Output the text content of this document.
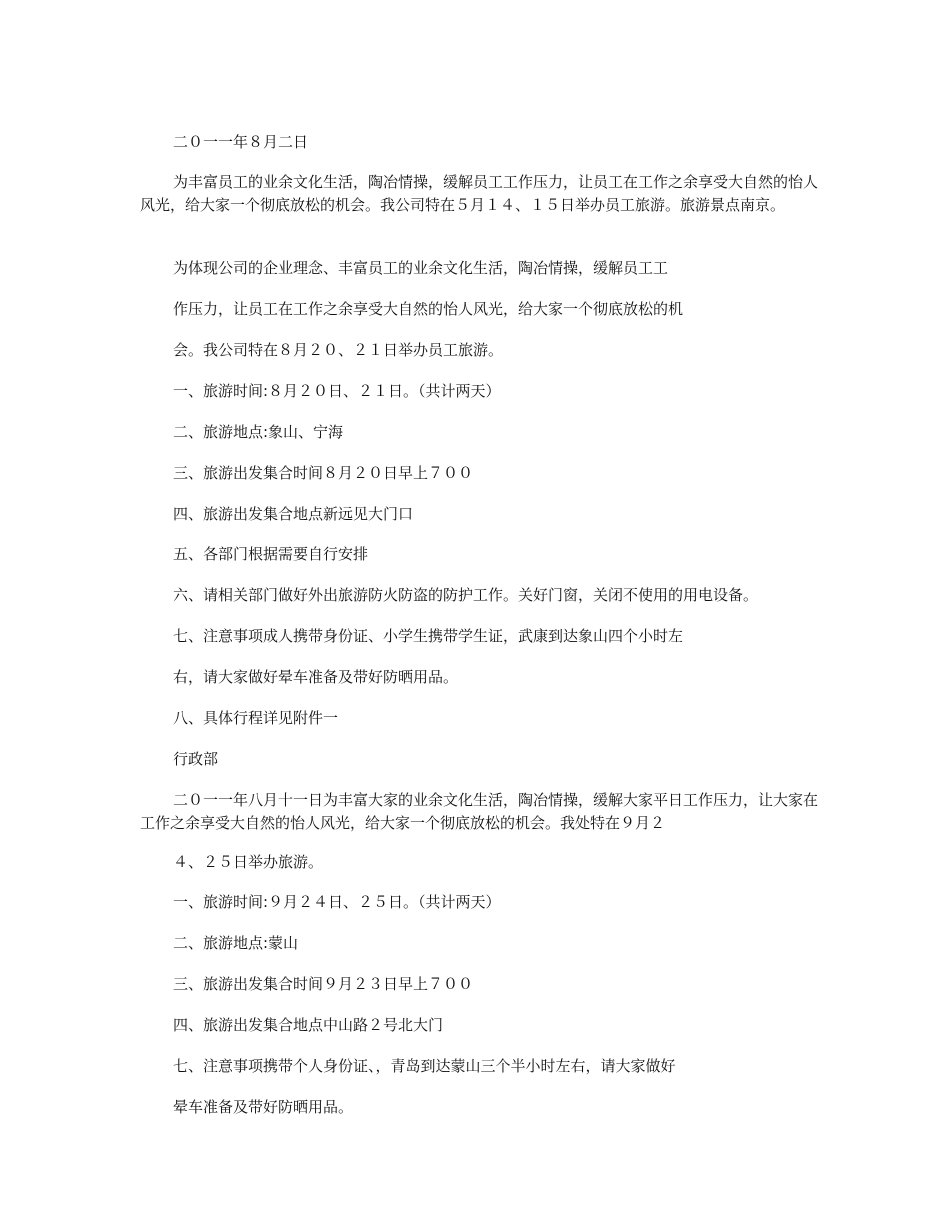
二０一一年８月二日

为丰富员工的业余文化生活，陶冶情操，缓解员工工作压力，让员工在工作之余享受大自然的怡人风光，给大家一个彻底放松的机会。我公司特在５月１４、１５日举办员工旅游。旅游景点南京。

为体现公司的企业理念、丰富员工的业余文化生活，陶冶情操，缓解员工工

作压力，让员工在工作之余享受大自然的怡人风光，给大家一个彻底放松的机

会。我公司特在８月２０、２１日举办员工旅游。

一、旅游时间:８月２０日、２１日。（共计两天）

二、旅游地点:象山、宁海

三、旅游出发集合时间８月２０日早上７００

四、旅游出发集合地点新远见大门口

五、各部门根据需要自行安排

六、请相关部门做好外出旅游防火防盗的防护工作。关好门窗，关闭不使用的用电设备。

七、注意事项成人携带身份证、小学生携带学生证，武康到达象山四个小时左

右，请大家做好晕车准备及带好防晒用品。

八、具体行程详见附件一

行政部

二０一一年八月十一日为丰富大家的业余文化生活，陶冶情操，缓解大家平日工作压力，让大家在工作之余享受大自然的怡人风光，给大家一个彻底放松的机会。我处特在９月２

４、２５日举办旅游。

一、旅游时间:９月２４日、２５日。（共计两天）

二、旅游地点:蒙山

三、旅游出发集合时间９月２３日早上７００

四、旅游出发集合地点中山路２号北大门

七、注意事项携带个人身份证、，青岛到达蒙山三个半小时左右，请大家做好

晕车准备及带好防晒用品。
